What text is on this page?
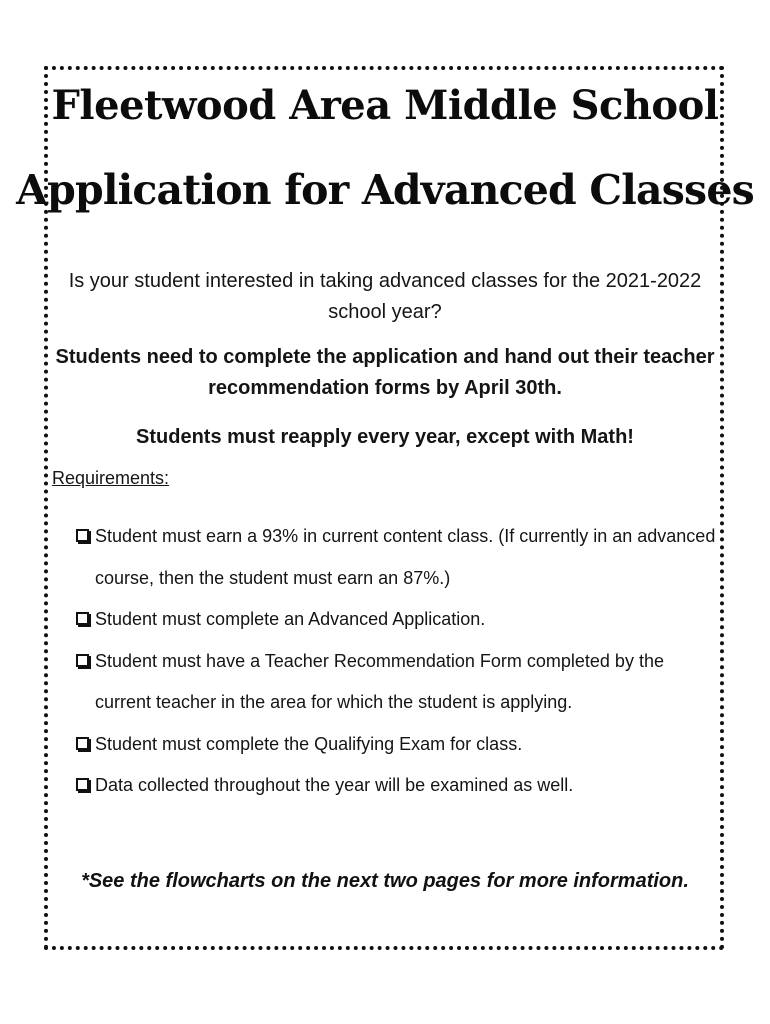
Fleetwood Area Middle School
Application for Advanced Classes
Is your student interested in taking advanced classes for the 2021-2022 school year?
Students need to complete the application and hand out their teacher recommendation forms by April 30th.
Students must reapply every year, except with Math!
Requirements:
Student must earn a 93% in current content class. (If currently in an advanced course, then the student must earn an 87%.)
Student must complete an Advanced Application.
Student must have a Teacher Recommendation Form completed by the current teacher in the area for which the student is applying.
Student must complete the Qualifying Exam for class.
Data collected throughout the year will be examined as well.
*See the flowcharts on the next two pages for more information.
